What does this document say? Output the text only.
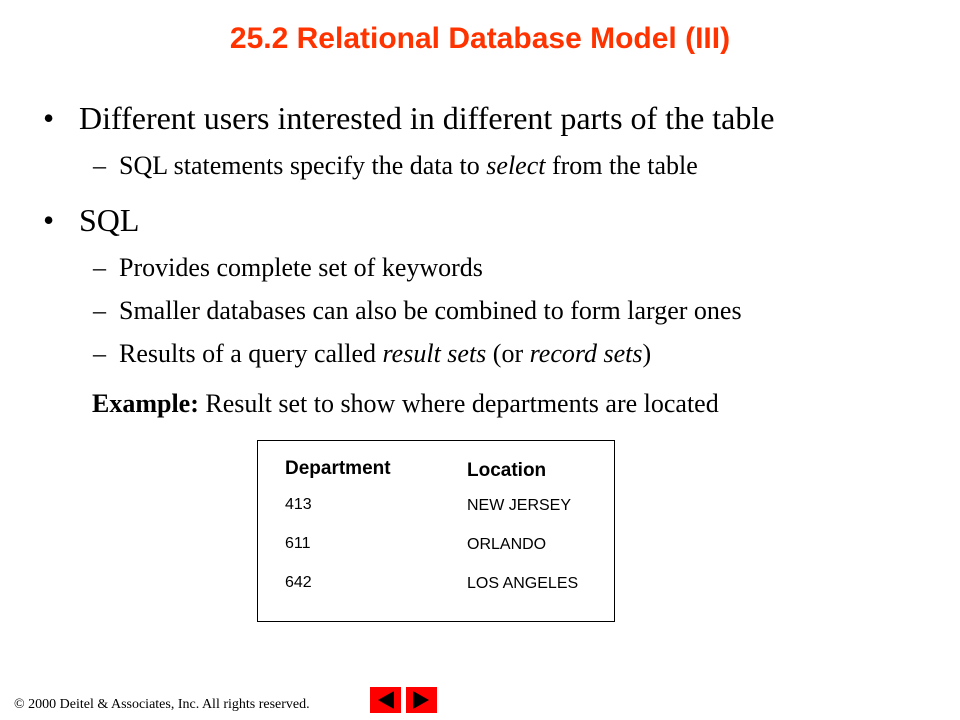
25.2 Relational Database Model (III)
• Different users interested in different parts of the table
– SQL statements specify the data to select from the table
• SQL
– Provides complete set of keywords
– Smaller databases can also be combined to form larger ones
– Results of a query called result sets (or record sets)
Example: Result set to show where departments are located
Department
413
611
642
Location
NEW JERSEY
ORLANDO
LOS ANGELES
© 2000 Deitel & Associates, Inc. All rights reserved.
